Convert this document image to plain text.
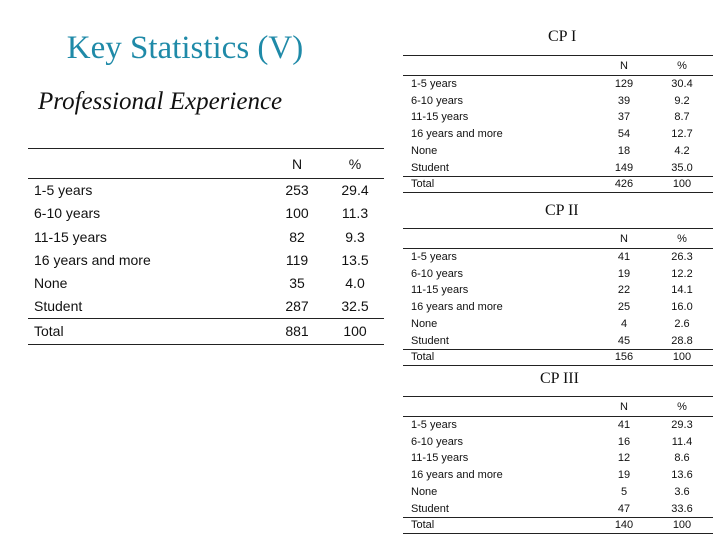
Key Statistics (V)
Professional Experience
	N	%
1-5 years	253	29.4
6-10 years	100	11.3
11-15 years	82	9.3
16 years and more	119	13.5
None	35	4.0
Student	287	32.5
Total	881	100
CP I
	N	%
1-5 years	129	30.4
6-10 years	39	9.2
11-15 years	37	8.7
16 years and more	54	12.7
None	18	4.2
Student	149	35.0
Total	426	100
CP II
	N	%
1-5 years	41	26.3
6-10 years	19	12.2
11-15 years	22	14.1
16 years and more	25	16.0
None	4	2.6
Student	45	28.8
Total	156	100
CP III
	N	%
1-5 years	41	29.3
6-10 years	16	11.4
11-15 years	12	8.6
16 years and more	19	13.6
None	5	3.6
Student	47	33.6
Total	140	100
